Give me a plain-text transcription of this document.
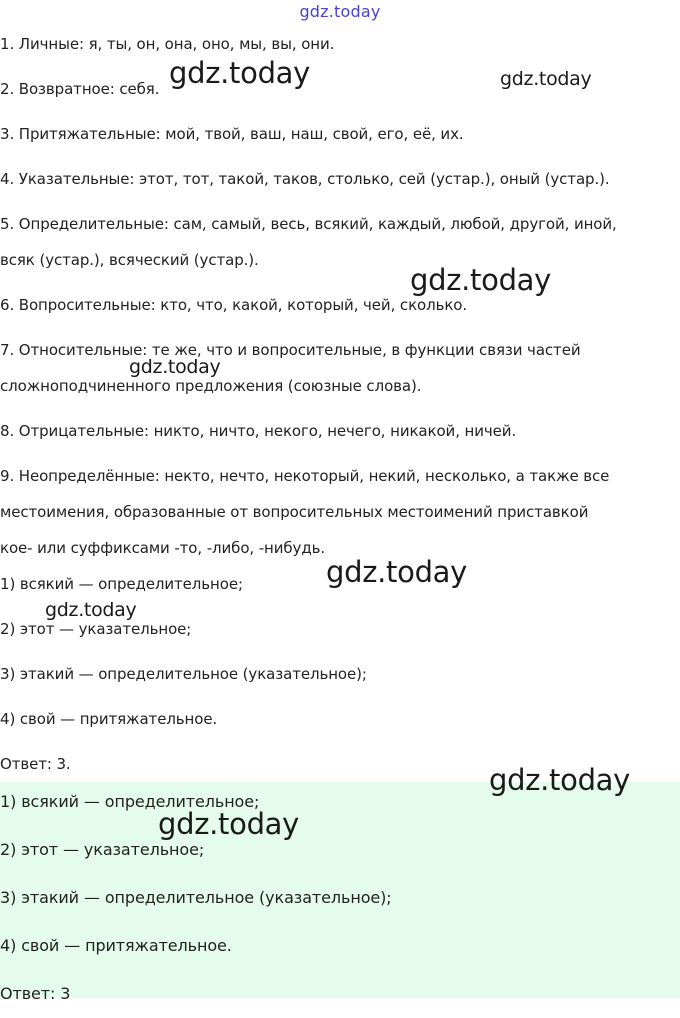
gdz.today
1. Личные: я, ты, он, она, оно, мы, вы, они.
2. Возвратное: себя.
3. Притяжательные: мой, твой, ваш, наш, свой, его, её, их.
4. Указательные: этот, тот, такой, таков, столько, сей (устар.), оный (устар.).
5. Определительные: сам, самый, весь, всякий, каждый, любой, другой, иной,
всяк (устар.), всяческий (устар.).
6. Вопросительные: кто, что, какой, который, чей, сколько.
7. Относительные: те же, что и вопросительные, в функции связи частей
сложноподчиненного предложения (союзные слова).
8. Отрицательные: никто, ничто, некого, нечего, никакой, ничей.
9. Неопределённые: некто, нечто, некоторый, некий, несколько, а также все
местоимения, образованные от вопросительных местоимений приставкой
кое- или суффиксами -то, -либо, -нибудь.
1) всякий — определительное;
2) этот — указательное;
3) этакий — определительное (указательное);
4) свой — притяжательное.
Ответ: 3.
1) всякий — определительное;
2) этот — указательное;
3) этакий — определительное (указательное);
4) свой — притяжательное.
Ответ: 3
gdz.today	gdz.today
gdz.today
gdz.today
gdz.today
gdz.today
gdz.today
gdz.today
